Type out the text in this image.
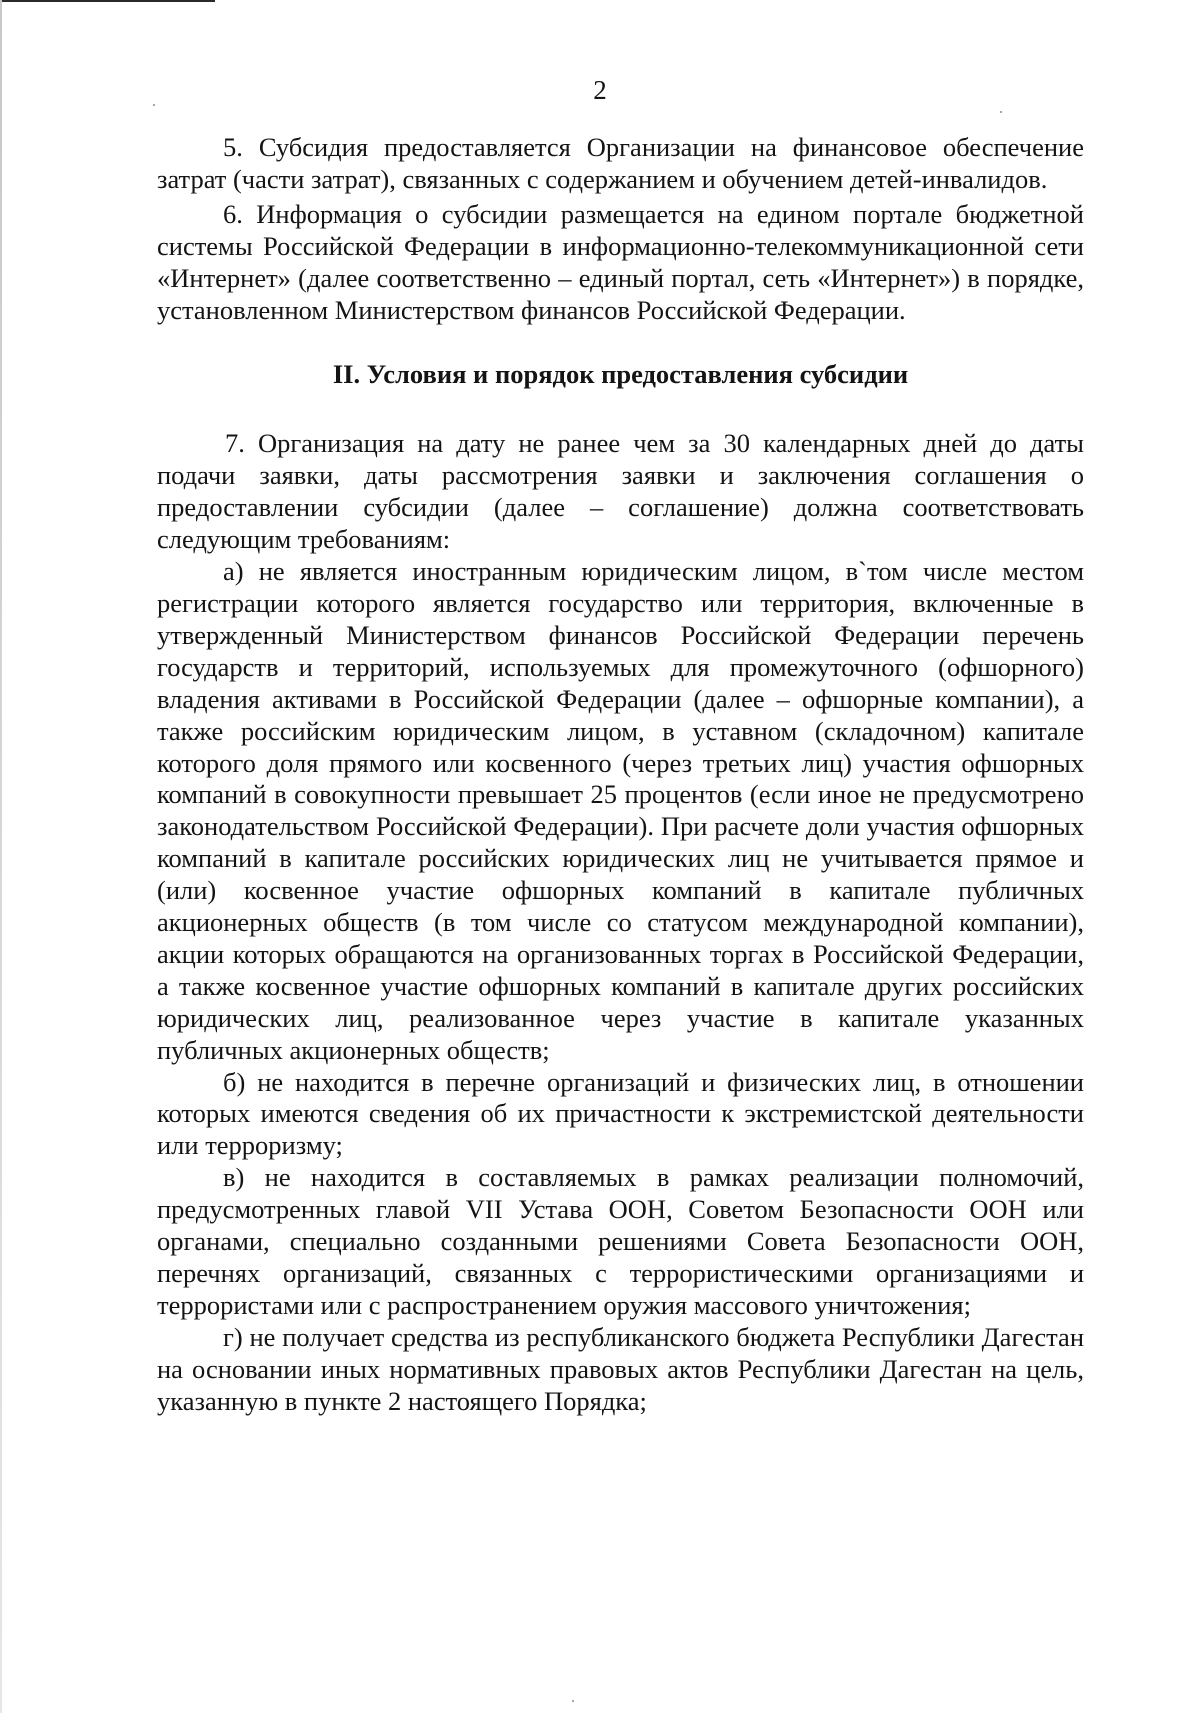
2

5. Субсидия предоставляется Организации на финансовое обеспечение затрат (части затрат), связанных с содержанием и обучением детей-инвалидов.

6. Информация о субсидии размещается на едином портале бюджетной системы Российской Федерации в информационно-телекоммуникационной сети «Интернет» (далее соответственно – единый портал, сеть «Интернет») в порядке, установленном Министерством финансов Российской Федерации.

II. Условия и порядок предоставления субсидии

7. Организация на дату не ранее чем за 30 календарных дней до даты подачи заявки, даты рассмотрения заявки и заключения соглашения о предоставлении субсидии (далее – соглашение) должна соответствовать следующим требованиям:

а) не является иностранным юридическим лицом, в`том числе местом регистрации которого является государство или территория, включенные в утвержденный Министерством финансов Российской Федерации перечень государств и территорий, используемых для промежуточного (офшорного) владения активами в Российской Федерации (далее – офшорные компании), а также российским юридическим лицом, в уставном (складочном) капитале которого доля прямого или косвенного (через третьих лиц) участия офшорных компаний в совокупности превышает 25 процентов (если иное не предусмотрено законодательством Российской Федерации). При расчете доли участия офшорных компаний в капитале российских юридических лиц не учитывается прямое и (или) косвенное участие офшорных компаний в капитале публичных акционерных обществ (в том числе со статусом международной компании), акции которых обращаются на организованных торгах в Российской Федерации, а также косвенное участие офшорных компаний в капитале других российских юридических лиц, реализованное через участие в капитале указанных публичных акционерных обществ;

б) не находится в перечне организаций и физических лиц, в отношении которых имеются сведения об их причастности к экстремистской деятельности или терроризму;

в) не находится в составляемых в рамках реализации полномочий, предусмотренных главой VII Устава ООН, Советом Безопасности ООН или органами, специально созданными решениями Совета Безопасности ООН, перечнях организаций, связанных с террористическими организациями и террористами или с распространением оружия массового уничтожения;

г) не получает средства из республиканского бюджета Республики Дагестан на основании иных нормативных правовых актов Республики Дагестан на цель, указанную в пункте 2 настоящего Порядка;
